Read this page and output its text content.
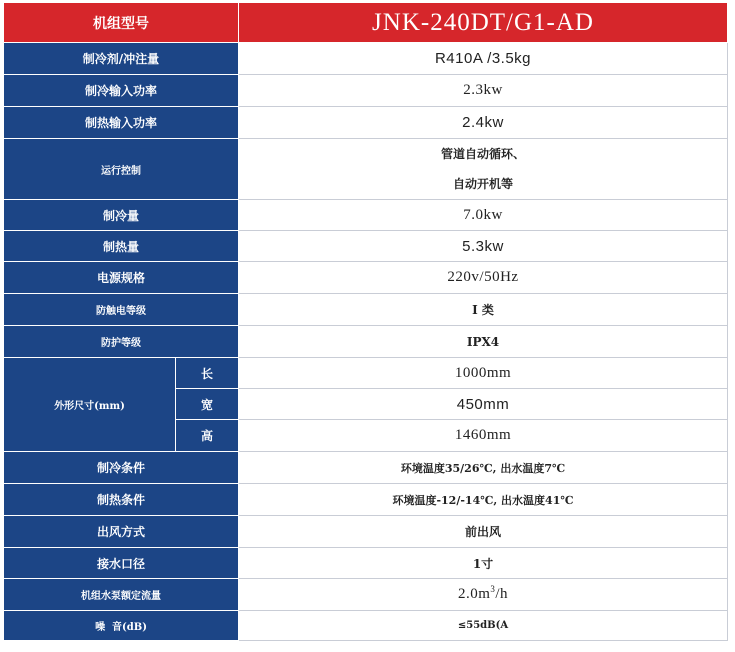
机组型号		JNK-240DT/G1-AD
制冷剂/冲注量		R410A /3.5kg
制冷输入功率		2.3kw
制热输入功率		2.4kw
运行控制		管道自动循环、
自动开机等

制冷量		7.0kw
制热量		5.3kw
电源规格		220v/50Hz
防触电等级		I 类
防护等级		IPX4
外形尺寸(mm)	长	1000mm
	宽	450mm
	高	1460mm
制冷条件		环境温度35/26℃, 出水温度7℃
制热条件		环境温度-12/-14℃, 出水温度41℃
出风方式		前出风
接水口径		1寸
机组水泵额定流量		$2.0m^3/h$
噪  音(dB)		≤55dB(A
